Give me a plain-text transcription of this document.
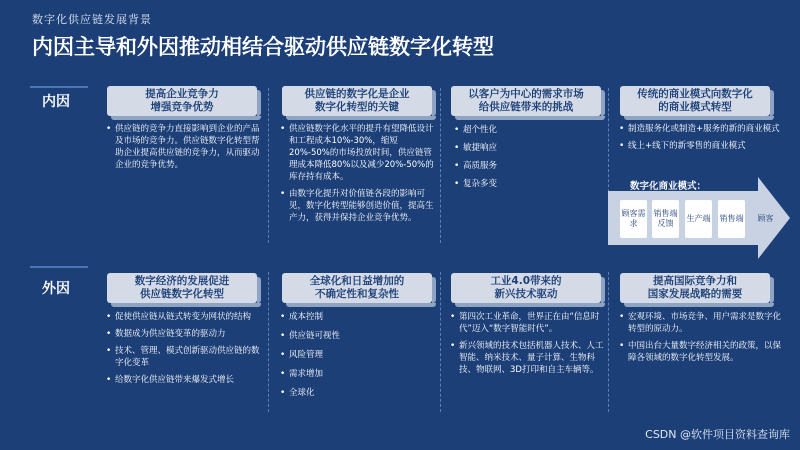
数字化供应链发展背景
内因主导和外因推动相结合驱动供应链数字化转型
内因
外因
提高企业竞争力
增强竞争优势
• 供应链的竞争力直接影响到企业的产品及市场的竞争力。供应链数字化转型帮助企业提高供应链的竞争力，从而驱动企业的竞争优势。
供应链的数字化是企业
数字化转型的关键
• 供应链数字化水平的提升有望降低设计和工程成本10%-30%，缩短20%-50%的市场投放时间，供应链管理成本降低80%以及减少20%-50%的库存持有成本。
• 由数字化提升对价值链各段的影响可见，数字化转型能够创造价值，提高生产力，获得并保持企业竞争优势。
以客户为中心的需求市场
给供应链带来的挑战
• 超个性化
• 敏捷响应
• 高质服务
• 复杂多变
传统的商业模式向数字化
的商业模式转型
• 制造服务化或制造+服务的新的商业模式
• 线上+线下的新零售的商业模式
数字化商业模式：
顾客需求
销售端反馈
生产端 销售端	顾客
数字经济的发展促进
供应链数字化转型
• 促使供应链从链式转变为网状的结构
• 数据成为供应链变革的驱动力
• 技术、管理、模式创新驱动供应链的数字化变革
• 给数字化供应链带来爆发式增长
全球化和日益增加的
不确定性和复杂性
• 成本控制
• 供应链可视性
• 风险管理
• 需求增加
• 全球化
工业4.0带来的
新兴技术驱动
• 第四次工业革命，世界正在由“信息时代”迈入“数字智能时代”。
• 新兴领域的技术包括机器人技术、人工智能、纳米技术、量子计算、生物科技、物联网、3D打印和自主车辆等。
提高国际竞争力和
国家发展战略的需要
• 宏观环境、市场竞争、用户需求是数字化转型的原动力。
• 中国出台大量数字经济相关的政策，以保障各领域的数字化转型发展。
CSDN @软件项目资料查询库
